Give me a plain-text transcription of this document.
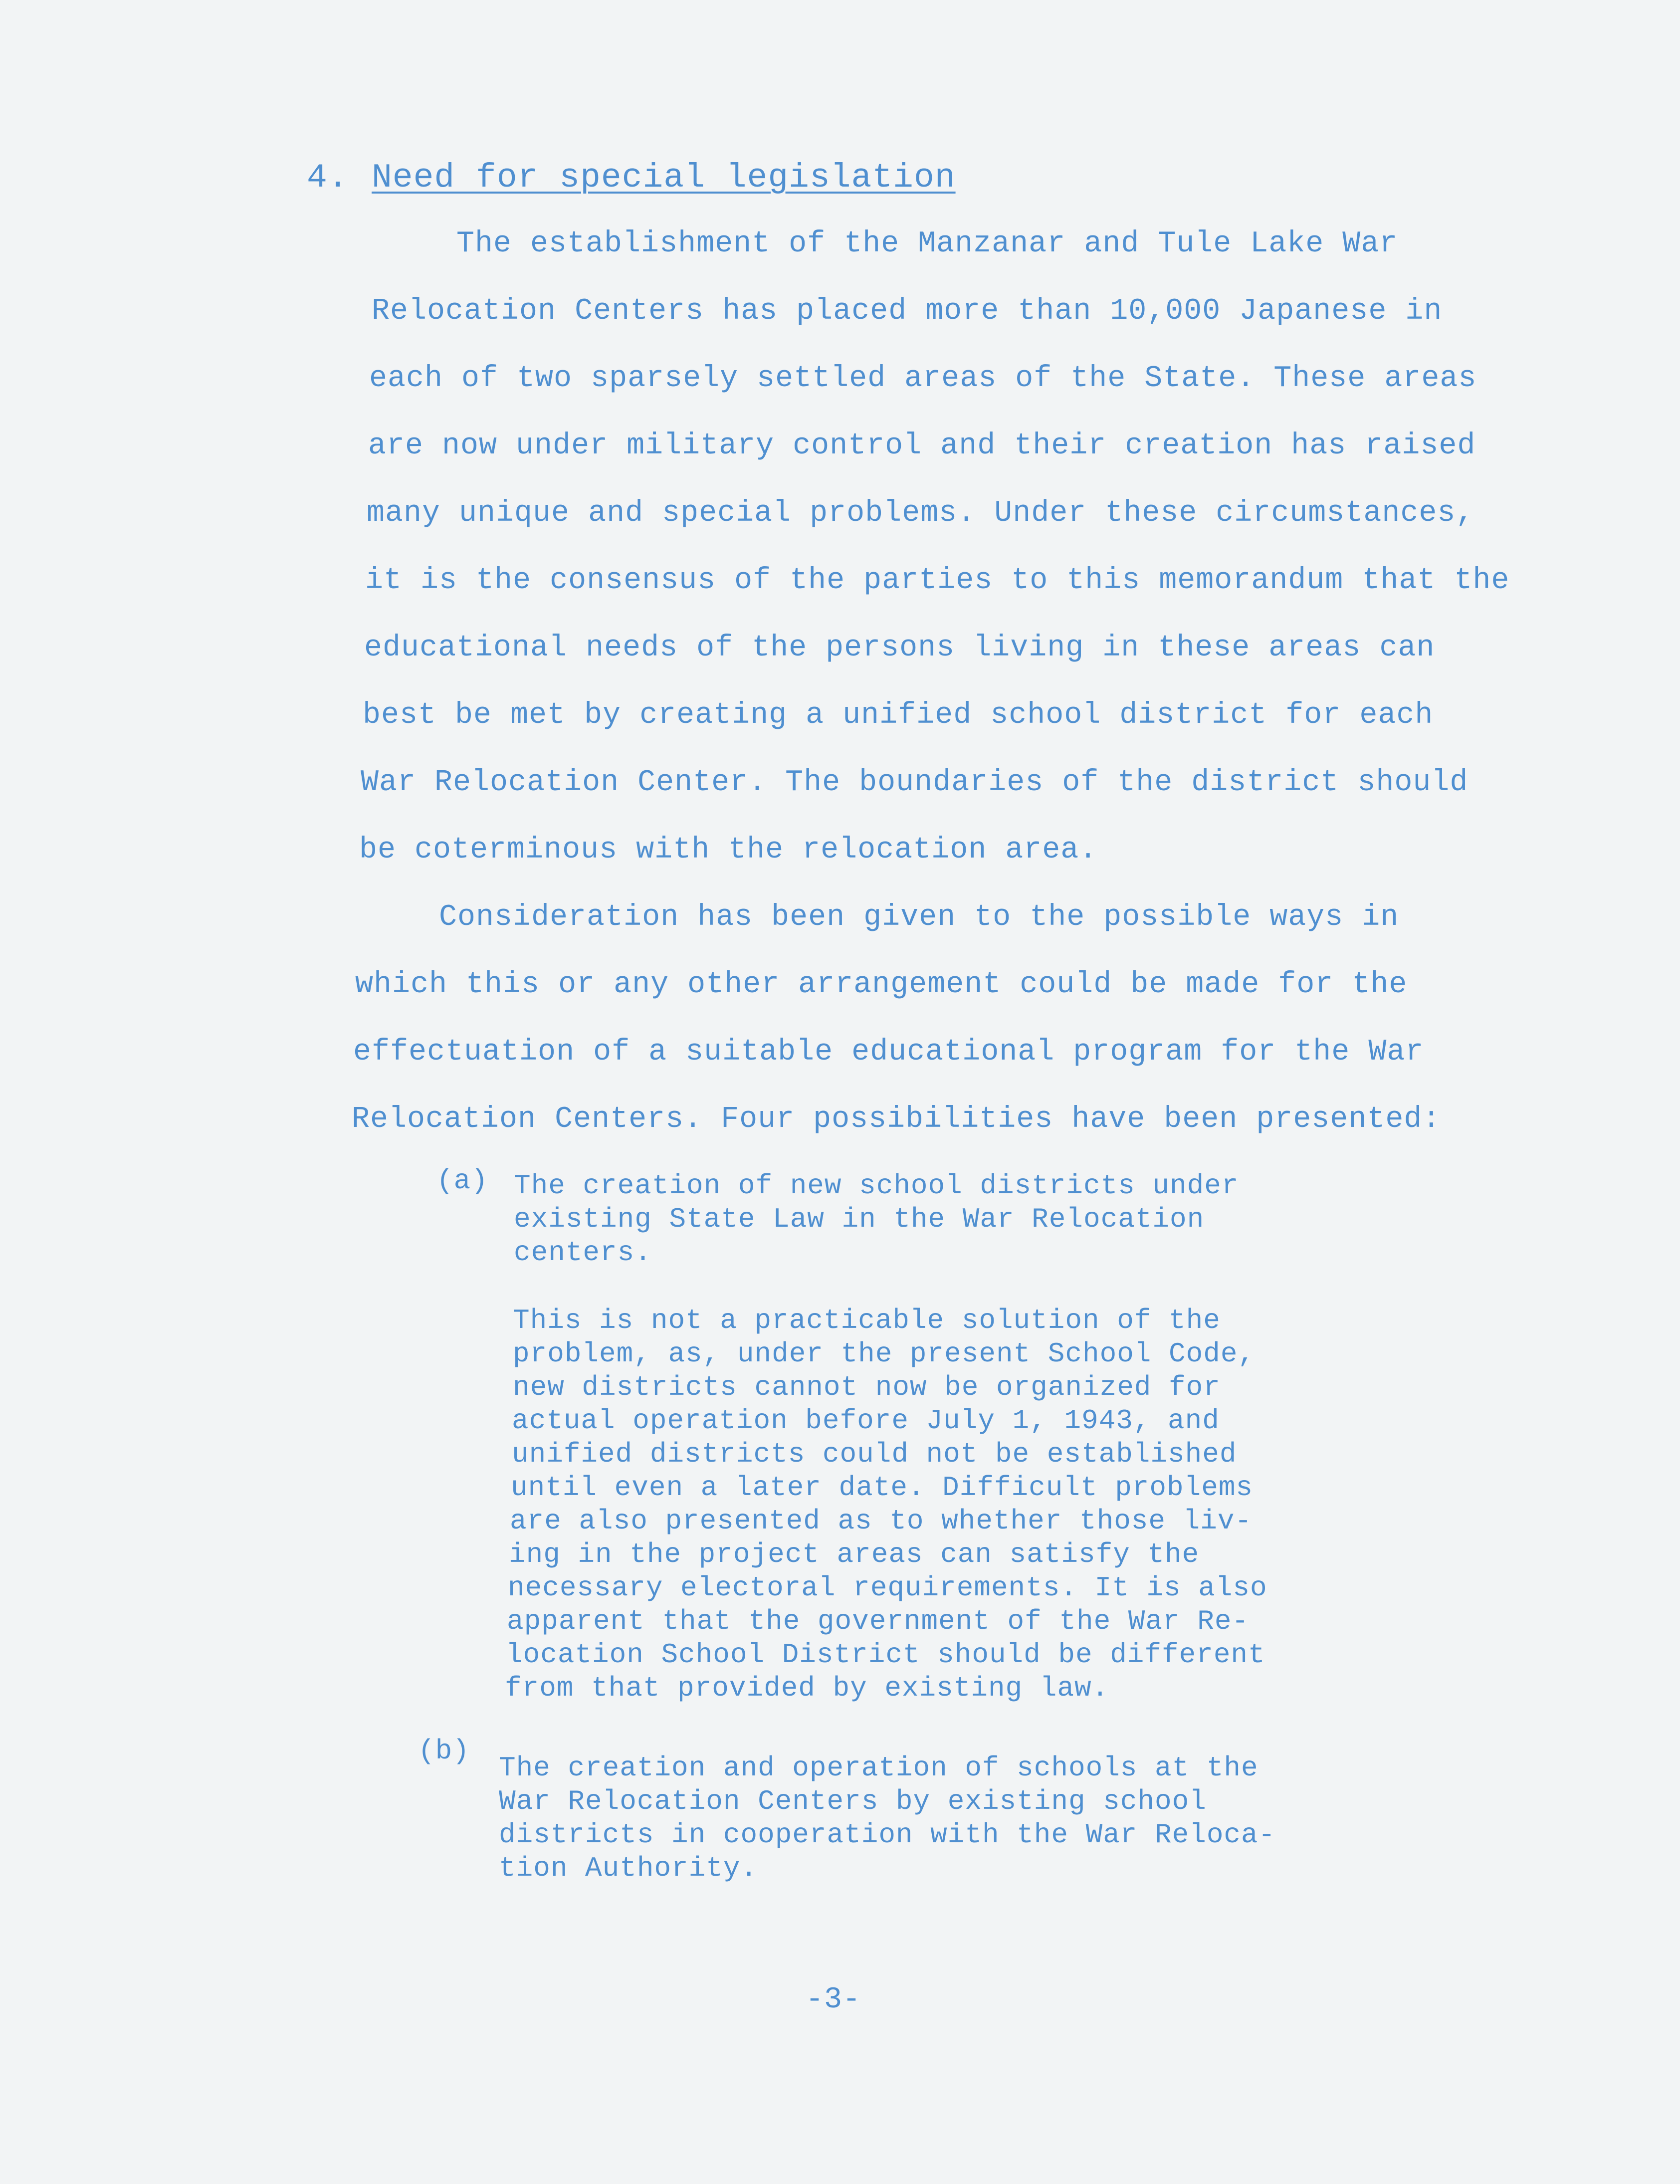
4. Need for special legislation
The establishment of the Manzanar and Tule Lake War
Relocation Centers has placed more than 10,000 Japanese in
each of two sparsely settled areas of the State. These areas
are now under military control and their creation has raised
many unique and special problems. Under these circumstances,
it is the consensus of the parties to this memorandum that the
educational needs of the persons living in these areas can
best be met by creating a unified school district for each
War Relocation Center. The boundaries of the district should
be coterminous with the relocation area.
Consideration has been given to the possible ways in
which this or any other arrangement could be made for the
effectuation of a suitable educational program for the War
Relocation Centers. Four possibilities have been presented:
(a) The creation of new school districts under
existing State Law in the War Relocation
centers.
This is not a practicable solution of the
problem, as, under the present School Code,
new districts cannot now be organized for
actual operation before July 1, 1943, and
unified districts could not be established
until even a later date. Difficult problems
are also presented as to whether those liv-
ing in the project areas can satisfy the
necessary electoral requirements. It is also
apparent that the government of the War Re-
location School District should be different
from that provided by existing law.
(b)
The creation and operation of schools at the
War Relocation Centers by existing school
districts in cooperation with the War Reloca-
tion Authority.
-3-
